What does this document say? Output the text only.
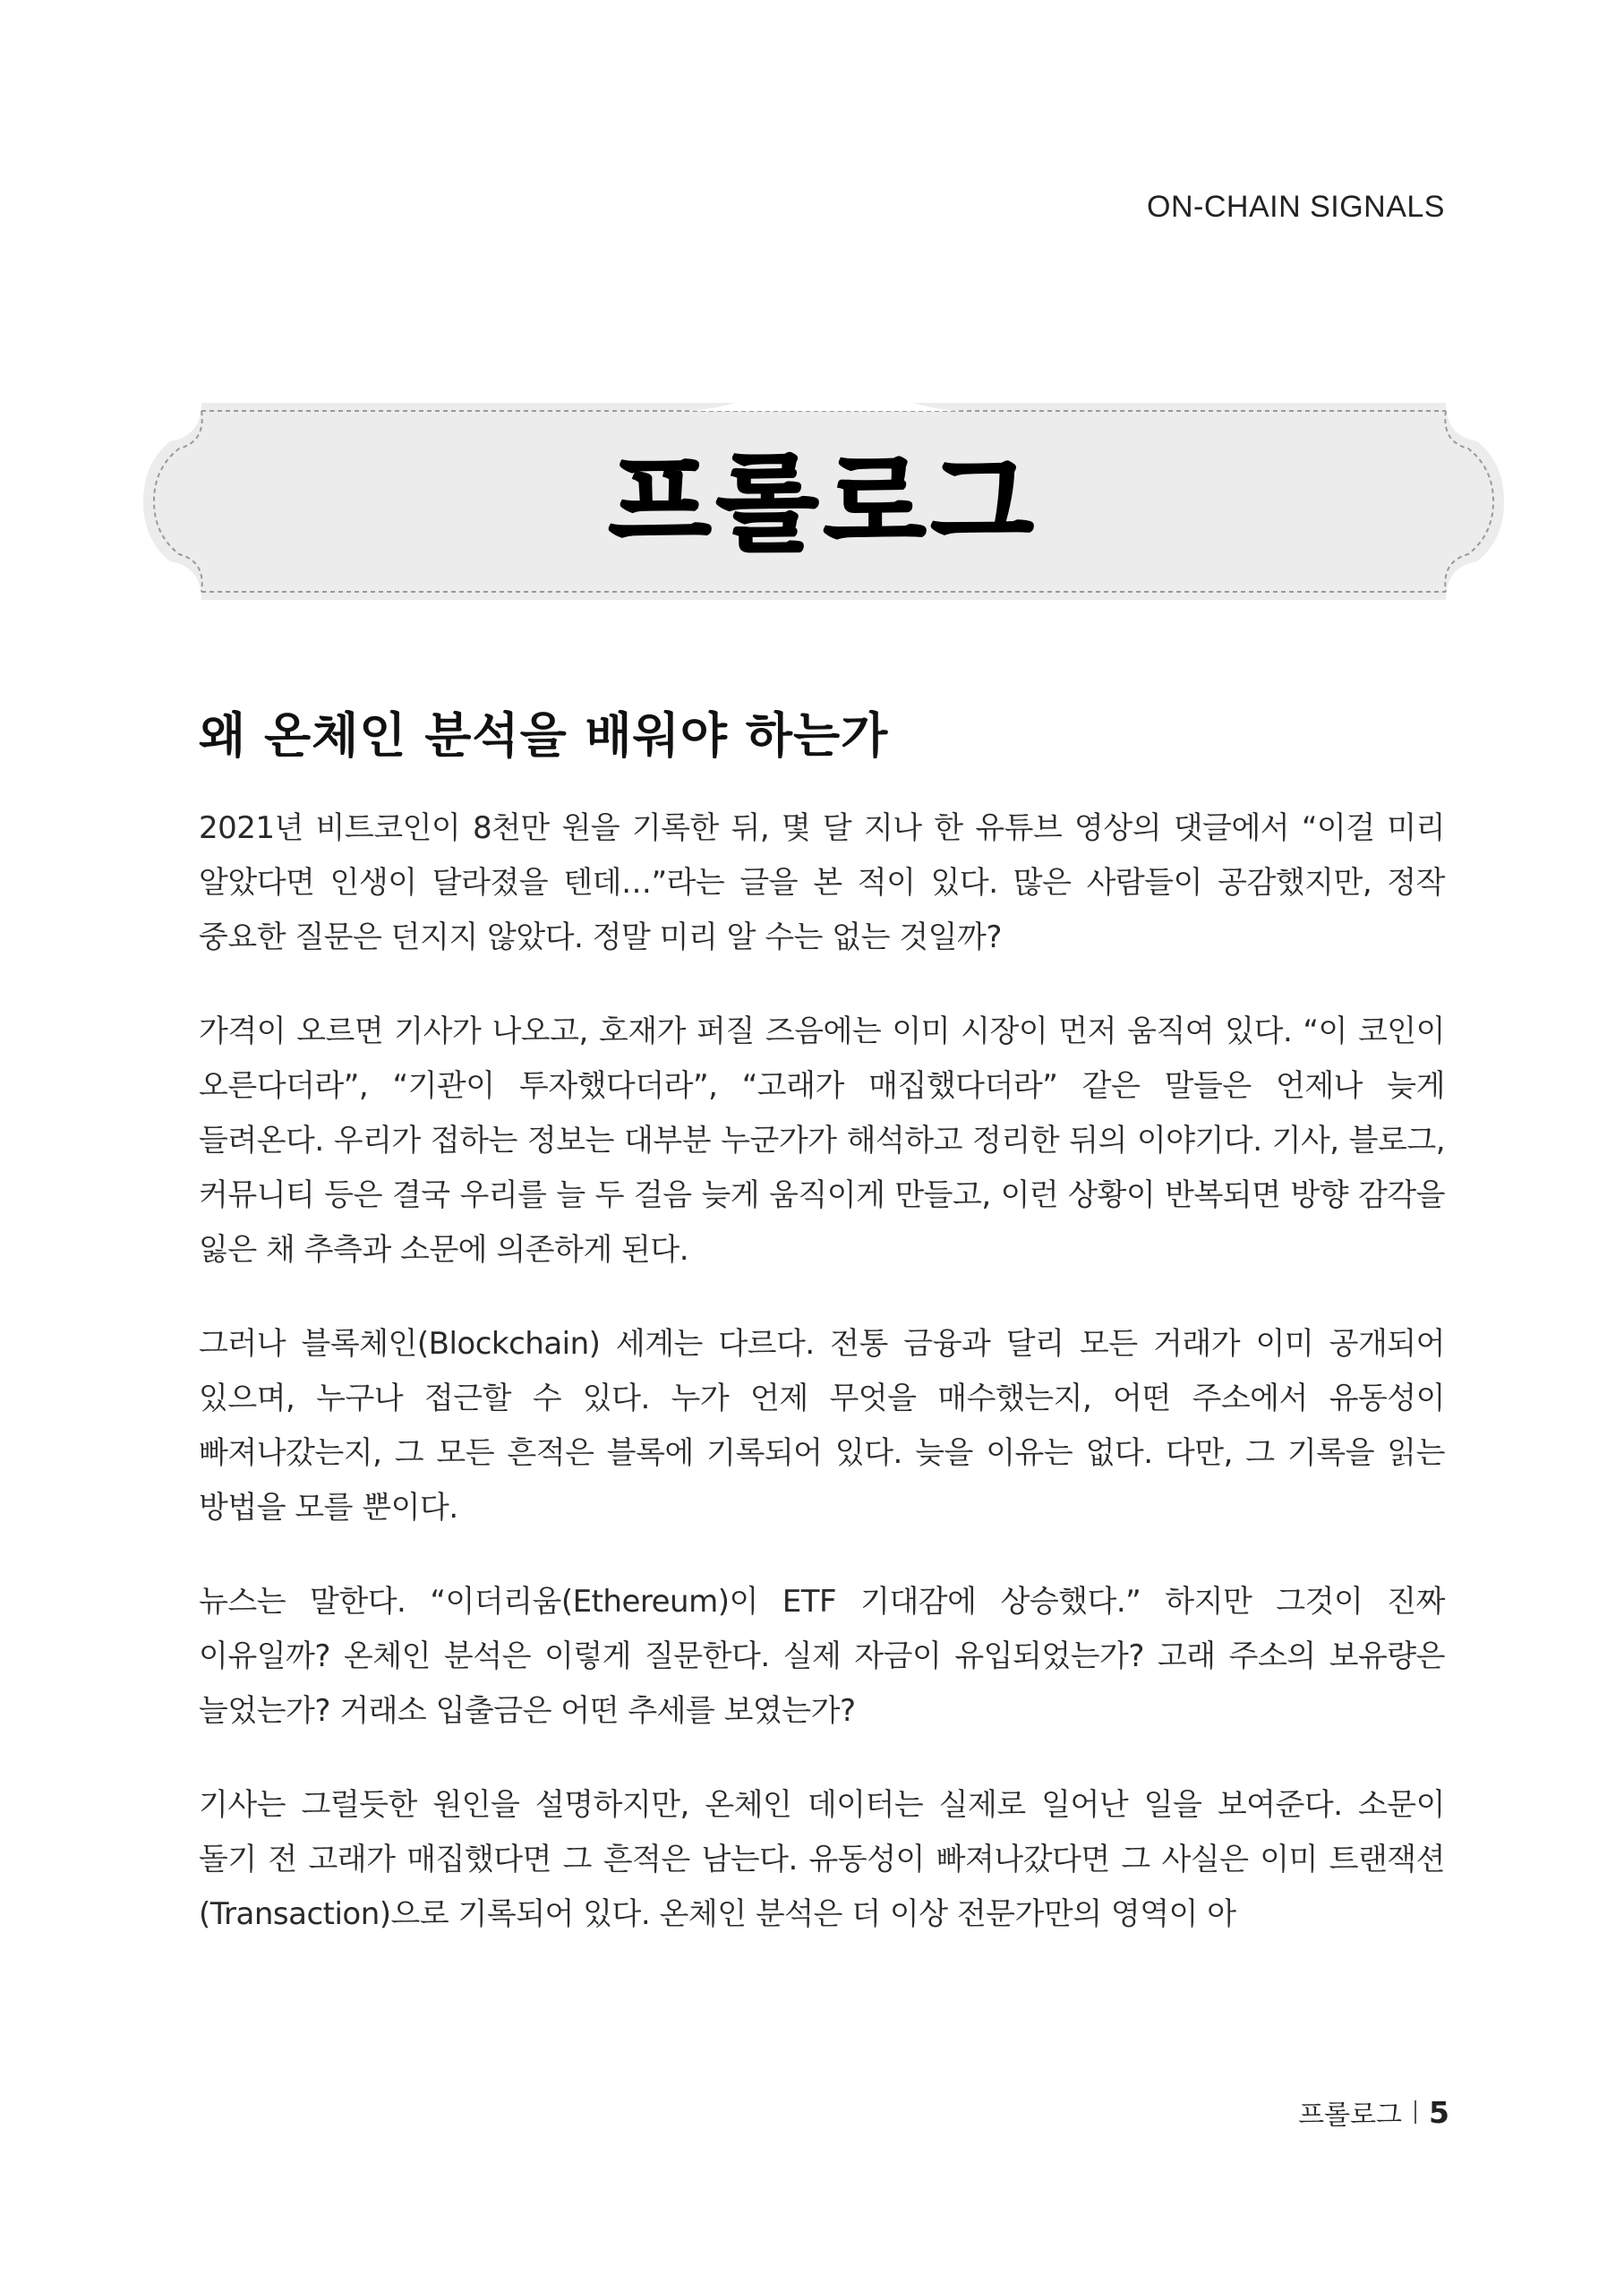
ON-CHAIN SIGNALS
프롤로그
왜 온체인 분석을 배워야 하는가

2021년 비트코인이 8천만 원을 기록한 뒤, 몇 달 지나 한 유튜브 영상의 댓글에서 “이걸 미리 알았다면 인생이 달라졌을 텐데…”라는 글을 본 적이 있다. 많은 사람들이 공감했지만, 정작 중요한 질문은 던지지 않았다. 정말 미리 알 수는 없는 것일까?

가격이 오르면 기사가 나오고, 호재가 퍼질 즈음에는 이미 시장이 먼저 움직여 있다. “이 코인이 오른다더라”, “기관이 투자했다더라”, “고래가 매집했다더라” 같은 말들은 언제나 늦게 들려온다. 우리가 접하는 정보는 대부분 누군가가 해석하고 정리한 뒤의 이야기다. 기사, 블로그, 커뮤니티 등은 결국 우리를 늘 두 걸음 늦게 움직이게 만들고, 이런 상황이 반복되면 방향 감각을 잃은 채 추측과 소문에 의존하게 된다.

그러나 블록체인(Blockchain) 세계는 다르다. 전통 금융과 달리 모든 거래가 이미 공개되어 있으며, 누구나 접근할 수 있다. 누가 언제 무엇을 매수했는지, 어떤 주소에서 유동성이 빠져나갔는지, 그 모든 흔적은 블록에 기록되어 있다. 늦을 이유는 없다. 다만, 그 기록을 읽는 방법을 모를 뿐이다.

뉴스는 말한다. “이더리움(Ethereum)이 ETF 기대감에 상승했다.” 하지만 그것이 진짜 이유일까? 온체인 분석은 이렇게 질문한다. 실제 자금이 유입되었는가? 고래 주소의 보유량은 늘었는가? 거래소 입출금은 어떤 추세를 보였는가?

기사는 그럴듯한 원인을 설명하지만, 온체인 데이터는 실제로 일어난 일을 보여준다. 소문이 돌기 전 고래가 매집했다면 그 흔적은 남는다. 유동성이 빠져나갔다면 그 사실은 이미 트랜잭션(Transaction)으로 기록되어 있다. 온체인 분석은 더 이상 전문가만의 영역이 아

프롤로그 5
